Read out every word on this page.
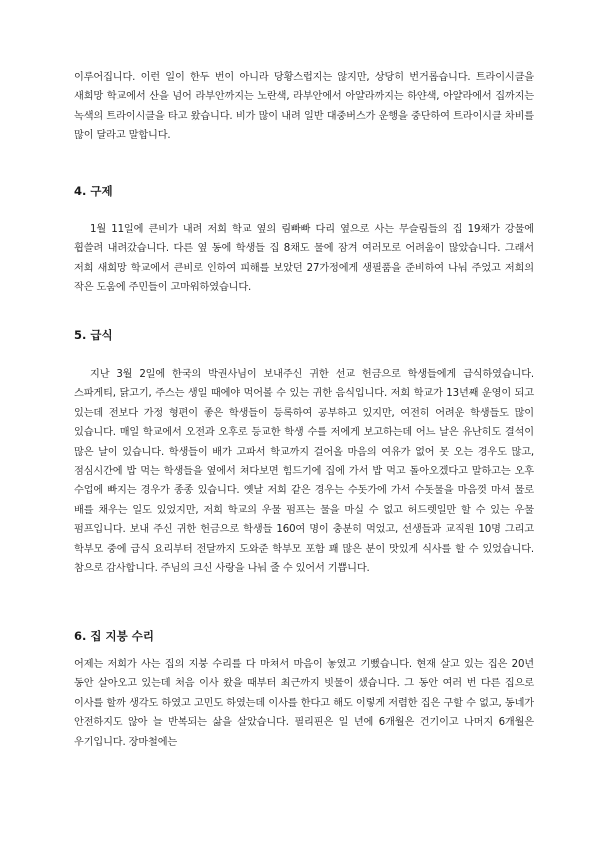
이루어집니다. 이런 일이 한두 번이 아니라 당황스럽지는 않지만, 상당히 번거롭습니다. 트라이시클을 새희망 학교에서 산을 넘어 라부안까지는 노란색, 라부안에서 아얄라까지는 하얀색, 아얄라에서 집까지는 녹색의 트라이시클을 타고 왔습니다. 비가 많이 내려 일반 대중버스가 운행을 중단하여 트라이시클 차비를 많이 달라고 말합니다.

4. 구제

1월 11일에 큰비가 내려 저희 학교 옆의 림빠빠 다리 옆으로 사는 무슬림들의 집 19채가 강물에 휩쓸려 내려갔습니다. 다른 옆 동에 학생들 집 8채도 물에 잠겨 여러모로 어려움이 많았습니다. 그래서 저희 새희망 학교에서 큰비로 인하여 피해를 보았던 27가정에게 생필품을 준비하여 나눠 주었고 저희의 작은 도움에 주민들이 고마워하였습니다.

5. 급식

지난 3월 2일에 한국의 박권사님이 보내주신 귀한 선교 헌금으로 학생들에게 급식하였습니다. 스파게티, 닭고기, 주스는 생일 때에야 먹어볼 수 있는 귀한 음식입니다. 저희 학교가 13년째 운영이 되고 있는데 전보다 가정 형편이 좋은 학생들이 등록하여 공부하고 있지만, 여전히 어려운 학생들도 많이 있습니다. 매일 학교에서 오전과 오후로 등교한 학생 수를 저에게 보고하는데 어느 날은 유난히도 결석이 많은 날이 있습니다. 학생들이 배가 고파서 학교까지 걸어올 마음의 여유가 없어 못 오는 경우도 많고, 점심시간에 밥 먹는 학생들을 옆에서 쳐다보면 힘드기에 집에 가서 밥 먹고 돌아오겠다고 말하고는 오후 수업에 빠지는 경우가 종종 있습니다. 옛날 저희 같은 경우는 수돗가에 가서 수돗물을 마음껏 마셔 물로 배를 채우는 일도 있었지만, 저희 학교의 우물 펌프는 물을 마실 수 없고 허드렛일만 할 수 있는 우물 펌프입니다. 보내 주신 귀한 헌금으로 학생들 160여 명이 충분히 먹었고, 선생들과 교직원 10명 그리고 학부모 중에 급식 요리부터 전달까지 도와준 학부모 포함 꽤 많은 분이 맛있게 식사를 할 수 있었습니다. 참으로 감사합니다. 주님의 크신 사랑을 나눠 줄 수 있어서 기쁩니다.

6. 집 지붕 수리

어제는 저희가 사는 집의 지붕 수리를 다 마쳐서 마음이 놓였고 기뻤습니다. 현재 살고 있는 집은 20년 동안 살아오고 있는데 처음 이사 왔을 때부터 최근까지 빗물이 샜습니다. 그 동안 여러 번 다른 집으로 이사를 할까 생각도 하였고 고민도 하였는데 이사를 한다고 해도 이렇게 저렴한 집은 구할 수 없고, 동네가 안전하지도 않아 늘 반복되는 삶을 살았습니다. 필리핀은 일 년에 6개월은 건기이고 나머지 6개월은 우기입니다. 장마철에는
